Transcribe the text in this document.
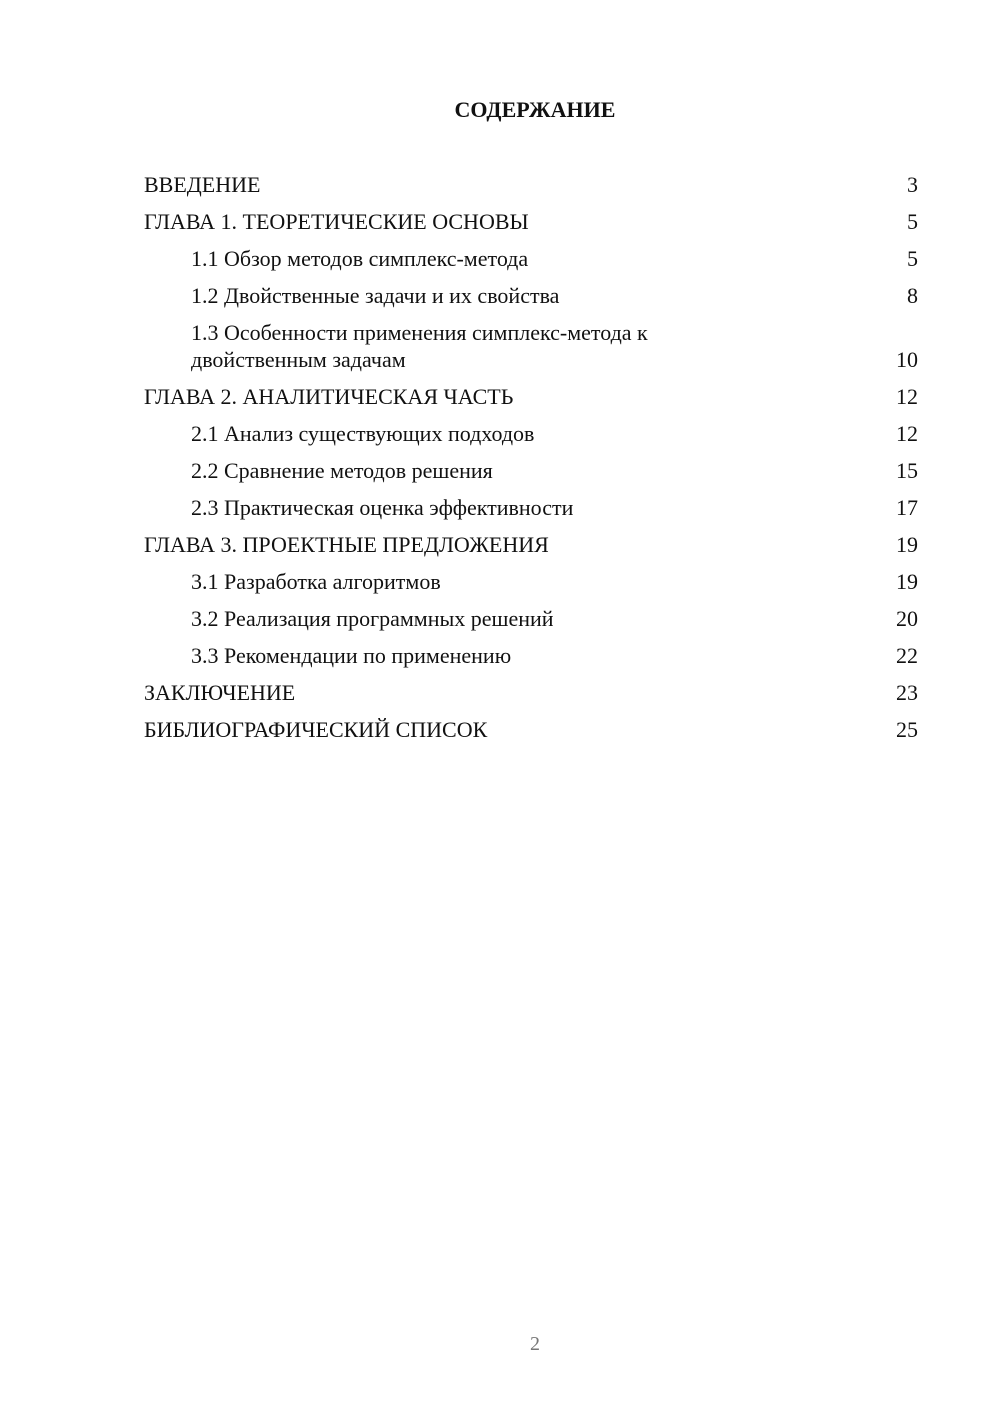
СОДЕРЖАНИЕ
ВВЕДЕНИЕ	3
ГЛАВА 1. ТЕОРЕТИЧЕСКИЕ ОСНОВЫ	5
1.1 Обзор методов симплекс-метода	5
1.2 Двойственные задачи и их свойства	8
1.3 Особенности применения симплекс-метода к двойственным задачам	10
ГЛАВА 2. АНАЛИТИЧЕСКАЯ ЧАСТЬ	12
2.1 Анализ существующих подходов	12
2.2 Сравнение методов решения	15
2.3 Практическая оценка эффективности	17
ГЛАВА 3. ПРОЕКТНЫЕ ПРЕДЛОЖЕНИЯ	19
3.1 Разработка алгоритмов	19
3.2 Реализация программных решений	20
3.3 Рекомендации по применению	22
ЗАКЛЮЧЕНИЕ	23
БИБЛИОГРАФИЧЕСКИЙ СПИСОК	25
2
